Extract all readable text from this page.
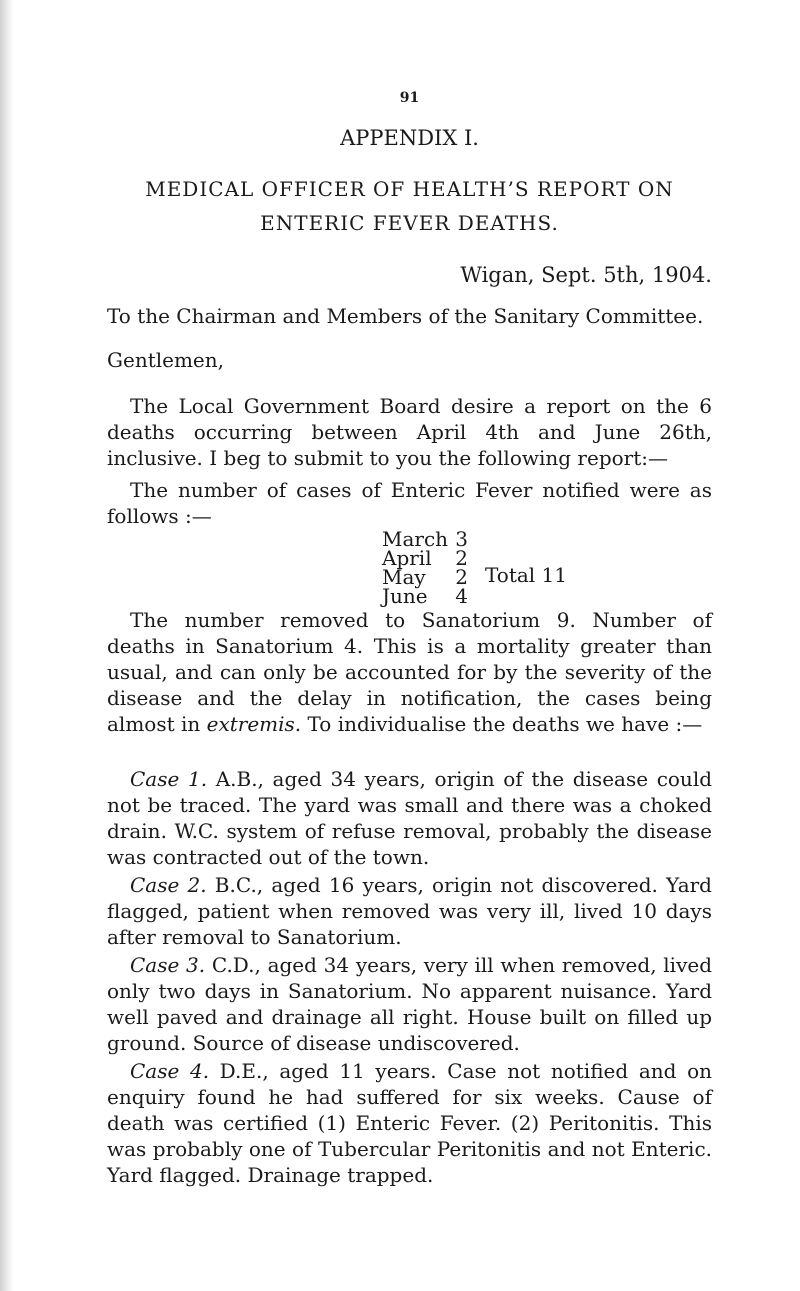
91
APPENDIX I.
MEDICAL OFFICER OF HEALTH’S REPORT ON
ENTERIC FEVER DEATHS.
Wigan, Sept. 5th, 1904.

To the Chairman and Members of the Sanitary Committee.

Gentlemen,

The Local Government Board desire a report on the 6 deaths occurring between April 4th and June 26th, inclusive. I beg to submit to you the following report:—

The number of cases of Enteric Fever notified were as follows :—

March 3
April	2
May	2
June	4
Total 11

The number removed to Sanatorium 9. Number of deaths in Sanatorium 4. This is a mortality greater than usual, and can only be accounted for by the severity of the disease and the delay in notification, the cases being almost in extremis. To individualise the deaths we have :—

Case 1. A.B., aged 34 years, origin of the disease could not be traced. The yard was small and there was a choked drain. W.C. system of refuse removal, probably the disease was contracted out of the town.

Case 2. B.C., aged 16 years, origin not discovered. Yard flagged, patient when removed was very ill, lived 10 days after removal to Sanatorium.

Case 3. C.D., aged 34 years, very ill when removed, lived only two days in Sanatorium. No apparent nuisance. Yard well paved and drainage all right. House built on filled up ground. Source of disease undiscovered.

Case 4. D.E., aged 11 years. Case not notified and on enquiry found he had suffered for six weeks. Cause of death was certified (1) Enteric Fever. (2) Peritonitis. This was probably one of Tubercular Peritonitis and not Enteric. Yard flagged. Drainage trapped.
